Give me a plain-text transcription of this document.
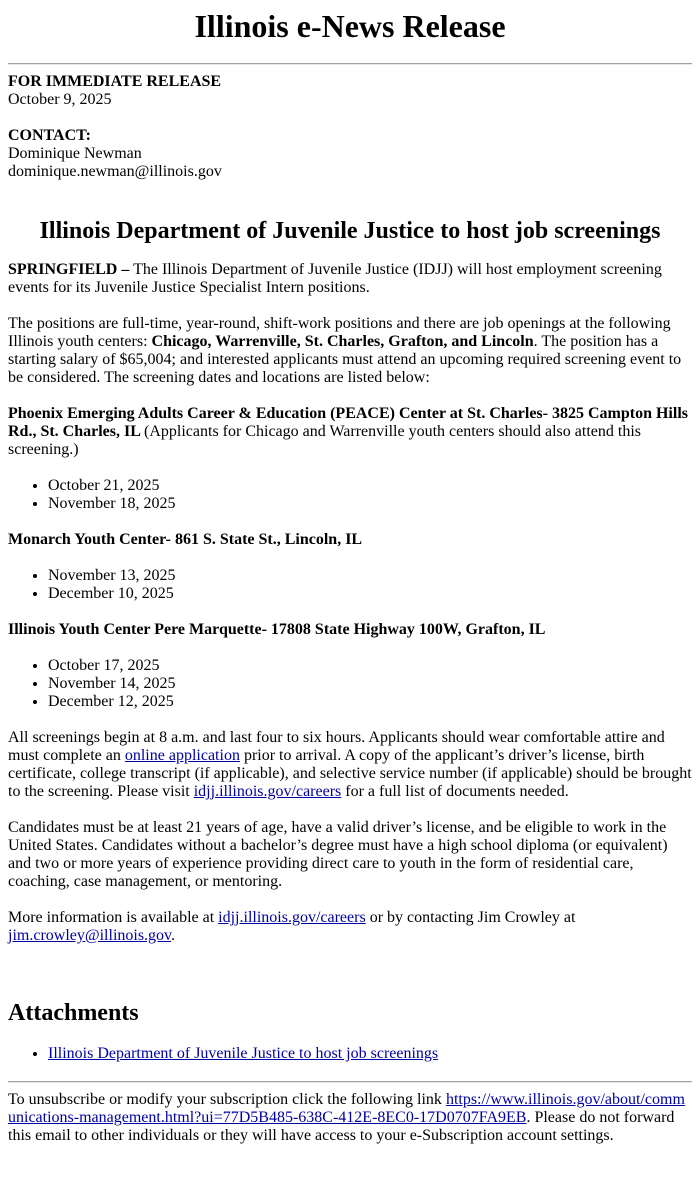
Illinois e-News Release

FOR IMMEDIATE RELEASE

October 9, 2025

CONTACT:

Dominique Newman

dominique.newman@illinois.gov

Illinois Department of Juvenile Justice to host job screenings

SPRINGFIELD – The Illinois Department of Juvenile Justice (IDJJ) will host employment screening events for its Juvenile Justice Specialist Intern positions.

The positions are full-time, year-round, shift-work positions and there are job openings at the following Illinois youth centers: Chicago, Warrenville, St. Charles, Grafton, and Lincoln. The position has a starting salary of $65,004; and interested applicants must attend an upcoming required screening event to be considered. The screening dates and locations are listed below:

Phoenix Emerging Adults Career & Education (PEACE) Center at St. Charles- 3825 Campton Hills Rd., St. Charles, IL (Applicants for Chicago and Warrenville youth centers should also attend this screening.)

• October 21, 2025
• November 18, 2025

Monarch Youth Center- 861 S. State St., Lincoln, IL

• November 13, 2025
• December 10, 2025

Illinois Youth Center Pere Marquette- 17808 State Highway 100W, Grafton, IL

• October 17, 2025
• November 14, 2025
• December 12, 2025

All screenings begin at 8 a.m. and last four to six hours. Applicants should wear comfortable attire and must complete an online application prior to arrival. A copy of the applicant’s driver’s license, birth certificate, college transcript (if applicable), and selective service number (if applicable) should be brought to the screening. Please visit idjj.illinois.gov/careers for a full list of documents needed.

Candidates must be at least 21 years of age, have a valid driver’s license, and be eligible to work in the United States. Candidates without a bachelor’s degree must have a high school diploma (or equivalent) and two or more years of experience providing direct care to youth in the form of residential care, coaching, case management, or mentoring.

More information is available at idjj.illinois.gov/careers or by contacting Jim Crowley at jim.crowley@illinois.gov.

Attachments
• Illinois Department of Juvenile Justice to host job screenings

To unsubscribe or modify your subscription click the following link https://www.illinois.gov/about/communications-management.html?ui=77D5B485-638C-412E-8EC0-17D0707FA9EB. Please do not forward this email to other individuals or they will have access to your e-Subscription account settings.
